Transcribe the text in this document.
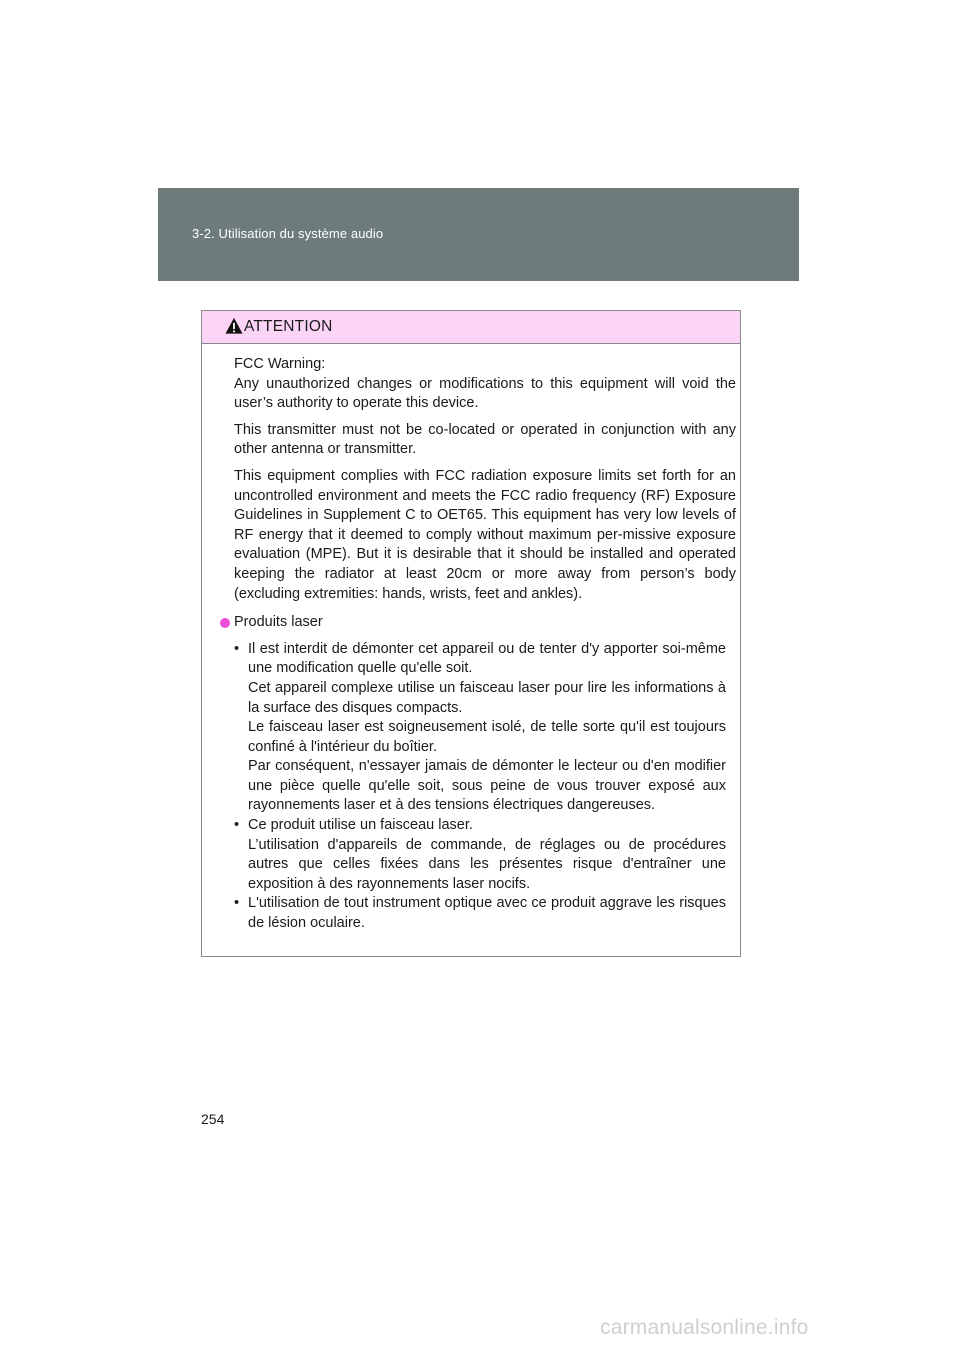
3-2. Utilisation du système audio
ATTENTION

FCC Warning:
Any unauthorized changes or modifications to this equipment will void the user’s authority to operate this device.

This transmitter must not be co-located or operated in conjunction with any other antenna or transmitter.

This equipment complies with FCC radiation exposure limits set forth for an uncontrolled environment and meets the FCC radio frequency (RF) Exposure Guidelines in Supplement C to OET65. This equipment has very low levels of RF energy that it deemed to comply without maximum per-missive exposure evaluation (MPE). But it is desirable that it should be installed and operated keeping the radiator at least 20cm or more away from person’s body (excluding extremities: hands, wrists, feet and ankles).

Produits laser
• Il est interdit de démonter cet appareil ou de tenter d'y apporter soi-même une modification quelle qu'elle soit.
Cet appareil complexe utilise un faisceau laser pour lire les informations à la surface des disques compacts.
Le faisceau laser est soigneusement isolé, de telle sorte qu'il est toujours confiné à l'intérieur du boîtier.
Par conséquent, n'essayer jamais de démonter le lecteur ou d'en modifier une pièce quelle qu'elle soit, sous peine de vous trouver exposé aux rayonnements laser et à des tensions électriques dangereuses.
• Ce produit utilise un faisceau laser.
L’utilisation d'appareils de commande, de réglages ou de procédures autres que celles fixées dans les présentes risque d'entraîner une exposition à des rayonnements laser nocifs.
• L'utilisation de tout instrument optique avec ce produit aggrave les risques de lésion oculaire.
254
carmanualsonline.info
